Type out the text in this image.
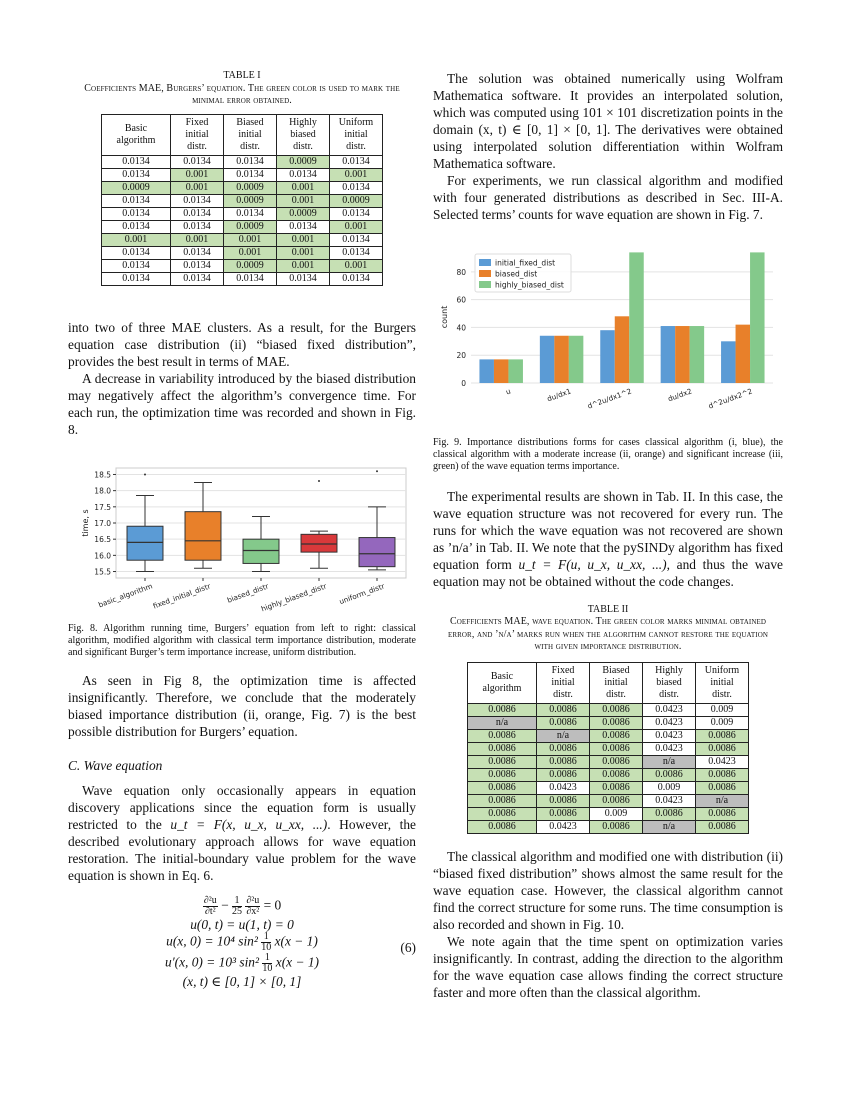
TABLE I

Coefficients MAE, Burgers’ equation. The green color is used to mark the minimal error obtained.

Basic algorithm	Fixed initial distr.	Biased initial distr.	Highly biased distr.	Uniform initial distr.
0.0134	0.0134	0.0134	0.0009	0.0134
0.0134	0.001	0.0134	0.0134	0.001
0.0009	0.001	0.0009	0.001	0.0134
0.0134	0.0134	0.0009	0.001	0.0009
0.0134	0.0134	0.0134	0.0009	0.0134
0.0134	0.0134	0.0009	0.0134	0.001
0.001	0.001	0.001	0.001	0.0134
0.0134	0.0134	0.001	0.001	0.0134
0.0134	0.0134	0.0009	0.001	0.001
0.0134	0.0134	0.0134	0.0134	0.0134

into two of three MAE clusters. As a result, for the Burgers equation case distribution (ii) “biased fixed distribution”, provides the best result in terms of MAE.

A decrease in variability introduced by the biased distribution may negatively affect the algorithm’s convergence time. For each run, the optimization time was recorded and shown in Fig. 8.

15.5
16.0
16.5
17.0
17.5
18.0
18.5
time, s
basic_algorithm
fixed_initial_distr biased_distr
highly_biased_distr uniform_distr

Fig. 8. Algorithm running time, Burgers’ equation from left to right: classical algorithm, modified algorithm with classical term importance distribution, moderate and significant Burger’s term importance increase, uniform distribution.

As seen in Fig 8, the optimization time is affected insignificantly. Therefore, we conclude that the moderately biased importance distribution (ii, orange, Fig. 7) is the best possible distribution for Burgers’ equation.

C. Wave equation

Wave equation only occasionally appears in equation discovery applications since the equation form is usually restricted to the u_t = F(x, u_x, u_xx, ...). However, the described evolutionary approach allows for wave equation restoration. The initial-boundary value problem for the wave equation is shown in Eq. 6.

$\frac{\text{∂²u}}{\text{∂t²}} - \frac{1}{25}$
$\frac{\text{∂²u}}{\text{∂x²}} = 0$
u(0, t) = u(1, t) = 0
u(x, 0) = 10⁴ $\sin^2 \frac{1}{10} x(x - 1)$
u′(x, 0) = 10³ $\sin^2 \frac{1}{10} x(x - 1)$
(x, t) ∈ [0, 1] × [0, 1]
(6)

The solution was obtained numerically using Wolfram Mathematica software. It provides an interpolated solution, which was computed using 101 × 101 discretization points in the domain (x, t) ∈ [0, 1] × [0, 1]. The derivatives were obtained using interpolated solution differentiation within Wolfram Mathematica software.

For experiments, we run classical algorithm and modified with four generated distributions as described in Sec. III-A. Selected terms’ counts for wave equation are shown in Fig. 7.

0
20
40
60
80
count
u	du/dx1 d^2u/dx1^2	du/dx2 d^2u/dx2^2
initial_fixed_dist
biased_dist
highly_biased_dist

Fig. 9. Importance distributions forms for cases classical algorithm (i, blue), the classical algorithm with a moderate increase (ii, orange) and significant increase (iii, green) of the wave equation terms importance.

The experimental results are shown in Tab. II. In this case, the wave equation structure was not recovered for every run. The runs for which the wave equation was not recovered are shown as ’n/a’ in Tab. II. We note that the pySINDy algorithm has fixed equation form u_t = F(u, u_x, u_xx, ...), and thus the wave equation may not be obtained without the code changes.

TABLE II

Coefficients MAE, wave equation. The green color marks minimal obtained error, and ’n/a’ marks run when the algorithm cannot restore the equation with given importance distribution.

Basic algorithm	Fixed initial distr.	Biased initial distr.	Highly biased distr.	Uniform initial distr.
0.0086	0.0086	0.0086	0.0423	0.009
n/a	0.0086	0.0086	0.0423	0.009
0.0086	n/a	0.0086	0.0423	0.0086
0.0086	0.0086	0.0086	0.0423	0.0086
0.0086	0.0086	0.0086	n/a	0.0423
0.0086	0.0086	0.0086	0.0086	0.0086
0.0086	0.0423	0.0086	0.009	0.0086
0.0086	0.0086	0.0086	0.0423	n/a
0.0086	0.0086	0.009	0.0086	0.0086
0.0086	0.0423	0.0086	n/a	0.0086

The classical algorithm and modified one with distribution (ii) “biased fixed distribution” shows almost the same result for the wave equation case. However, the classical algorithm cannot find the correct structure for some runs. The time consumption is also recorded and shown in Fig. 10.

We note again that the time spent on optimization varies insignificantly. In contrast, adding the direction to the algorithm for the wave equation case allows finding the correct structure faster and more often than the classical algorithm.
